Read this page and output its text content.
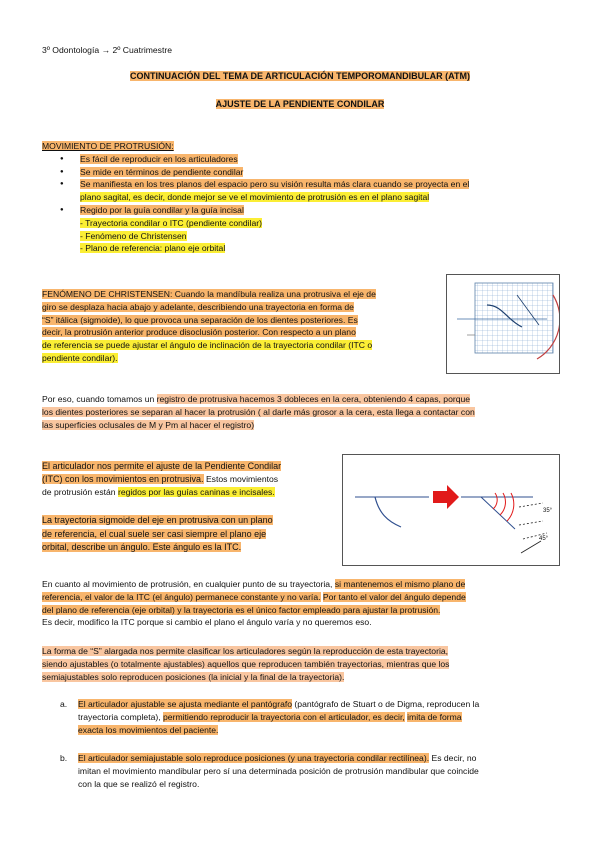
3º Odontología → 2º Cuatrimestre
CONTINUACIÓN DEL TEMA DE ARTICULACIÓN TEMPOROMANDIBULAR (ATM)
AJUSTE DE LA PENDIENTE CONDILAR
MOVIMIENTO DE PROTRUSIÓN:
● Es fácil de reproducir en los articuladores
● Se mide en términos de pendiente condilar
● Se manifiesta en los tres planos del espacio pero su visión resulta más clara cuando se proyecta en el
plano sagital, es decir, donde mejor se ve el movimiento de protrusión es en el plano sagital
● Regido por la guía condilar y la guía incisal
- Trayectoria condilar o ITC (pendiente condilar)
- Fenómeno de Christensen
- Plano de referencia: plano eje orbital
FENÓMENO DE CHRISTENSEN: Cuando la mandíbula realiza una protrusiva el eje de
giro se desplaza hacia abajo y adelante, describiendo una trayectoria en forma de
“S” itálica (sigmoide), lo que provoca una separación de los dientes posteriores. Es
decir, la protrusión anterior produce disoclusión posterior. Con respecto a un plano
de referencia se puede ajustar el ángulo de inclinación de la trayectoria condilar (ITC o
pendiente condilar).
Por eso, cuando tomamos un registro de protrusiva hacemos 3 dobleces en la cera, obteniendo 4 capas, porque
los dientes posteriores se separan al hacer la protrusión ( al darle más grosor a la cera, esta llega a contactar con
las superficies oclusales de M y Pm al hacer el registro)
El articulador nos permite el ajuste de la Pendiente Condilar
(ITC) con los movimientos en protrusiva. Estos movimientos
de protrusión están regidos por las guías caninas e incisales.
La trayectoria sigmoide del eje en protrusiva con un plano
de referencia, el cual suele ser casi siempre el plano eje
orbital, describe un ángulo. Este ángulo es la ITC.
35°
45°
En cuanto al movimiento de protrusión, en cualquier punto de su trayectoria, si mantenemos el mismo plano de
referencia, el valor de la ITC (el ángulo) permanece constante y no varía. Por tanto el valor del ángulo depende
del plano de referencia (eje orbital) y la trayectoria es el único factor empleado para ajustar la protrusión.
Es decir, modifico la ITC porque si cambio el plano el ángulo varía y no queremos eso.
La forma de “S” alargada nos permite clasificar los articuladores según la reproducción de esta trayectoria,
siendo ajustables (o totalmente ajustables) aquellos que reproducen también trayectorias, mientras que los
semiajustables solo reproducen posiciones (la inicial y la final de la trayectoria).
a. El articulador ajustable se ajusta mediante el pantógrafo (pantógrafo de Stuart o de Digma, reproducen la
trayectoria completa), permitiendo reproducir la trayectoria con el articulador, es decir, imita de forma
exacta los movimientos del paciente.
b. El articulador semiajustable solo reproduce posiciones (y una trayectoria condilar rectilínea). Es decir, no
imitan el movimiento mandibular pero sí una determinada posición de protrusión mandibular que coincide
con la que se realizó el registro.
